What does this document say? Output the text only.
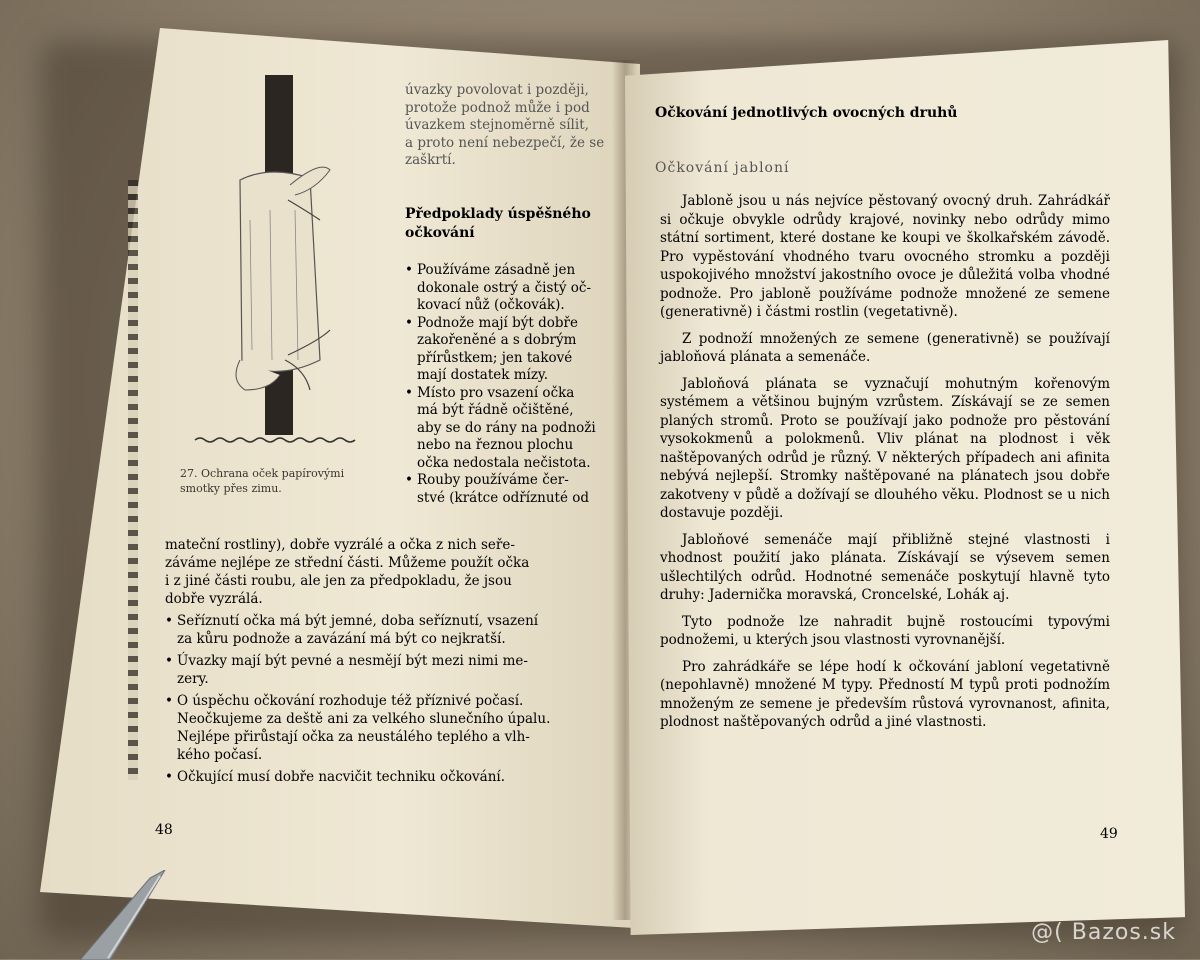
27. Ochrana oček papírovými
smotky přes zimu.
úvazky povolovat i později,
protože podnož může i pod
úvazkem stejnoměrně sílit,
a proto není nebezpečí, že se
zaškrtí.
Předpoklady úspěšného
očkování
• Používáme zásadně jen
dokonale ostrý a čistý oč-
kovací nůž (očkovák).
• Podnože mají být dobře
zakořeněné a s dobrým
přírůstkem; jen takové
mají dostatek mízy.
• Místo pro vsazení očka
má být řádně očištěné,
aby se do rány na podnoži
nebo na řeznou plochu
očka nedostala nečistota.
• Rouby používáme čer-
stvé (krátce odříznuté od
mateční rostliny), dobře vyzrálé a očka z nich seře-
záváme nejlépe ze střední části. Můžeme použít očka
i z jiné části roubu, ale jen za předpokladu, že jsou
dobře vyzrálá.
• Seříznutí očka má být jemné, doba seříznutí, vsazení
za kůru podnože a zavázání má být co nejkratší.
• Úvazky mají být pevné a nesmějí být mezi nimi me-
zery.
• O úspěchu očkování rozhoduje též příznivé počasí.
Neočkujeme za deště ani za velkého slunečního úpalu.
Nejlépe přirůstají očka za neustálého teplého a vlh-
kého počasí.
• Očkující musí dobře nacvičit techniku očkování.
48
Očkování jednotlivých ovocných druhů
Očkování jabloní

Jabloně jsou u nás nejvíce pěstovaný ovocný druh. Zahrádkář si očkuje obvykle odrůdy krajové, novinky nebo odrůdy mimo státní sortiment, které dostane ke koupi ve školkařském závodě. Pro vypěstování vhodného tvaru ovocného stromku a později uspokojivého množství jakostního ovoce je důležitá volba vhodné podnože. Pro jabloně používáme podnože množené ze semene (generativně) i částmi rostlin (vegetativně).

Z podnoží množených ze semene (generativně) se používají jabloňová plánata a semenáče.

Jabloňová plánata se vyznačují mohutným kořenovým systémem a většinou bujným vzrůstem. Získávají se ze semen planých stromů. Proto se používají jako podnože pro pěstování vysokokmenů a polokmenů. Vliv plánat na plodnost i věk naštěpovaných odrůd je různý. V některých případech ani afinita nebývá nejlepší. Stromky naštěpované na plánatech jsou dobře zakotveny v půdě a dožívají se dlouhého věku. Plodnost se u nich dostavuje později.

Jabloňové semenáče mají přibližně stejné vlastnosti i vhodnost použití jako plánata. Získávají se výsevem semen ušlechtilých odrůd. Hodnotné semenáče poskytují hlavně tyto druhy: Jadernička moravská, Croncelské, Lohák aj.

Tyto podnože lze nahradit bujně rostoucími typovými podnožemi, u kterých jsou vlastnosti vyrovnanější.

Pro zahrádkáře se lépe hodí k očkování jabloní vegetativně (nepohlavně) množené M typy. Předností M typů proti podnožím množeným ze semene je především růstová vyrovnanost, afinita, plodnost naštěpovaných odrůd a jiné vlastnosti.

49
@( Bazos.sk
